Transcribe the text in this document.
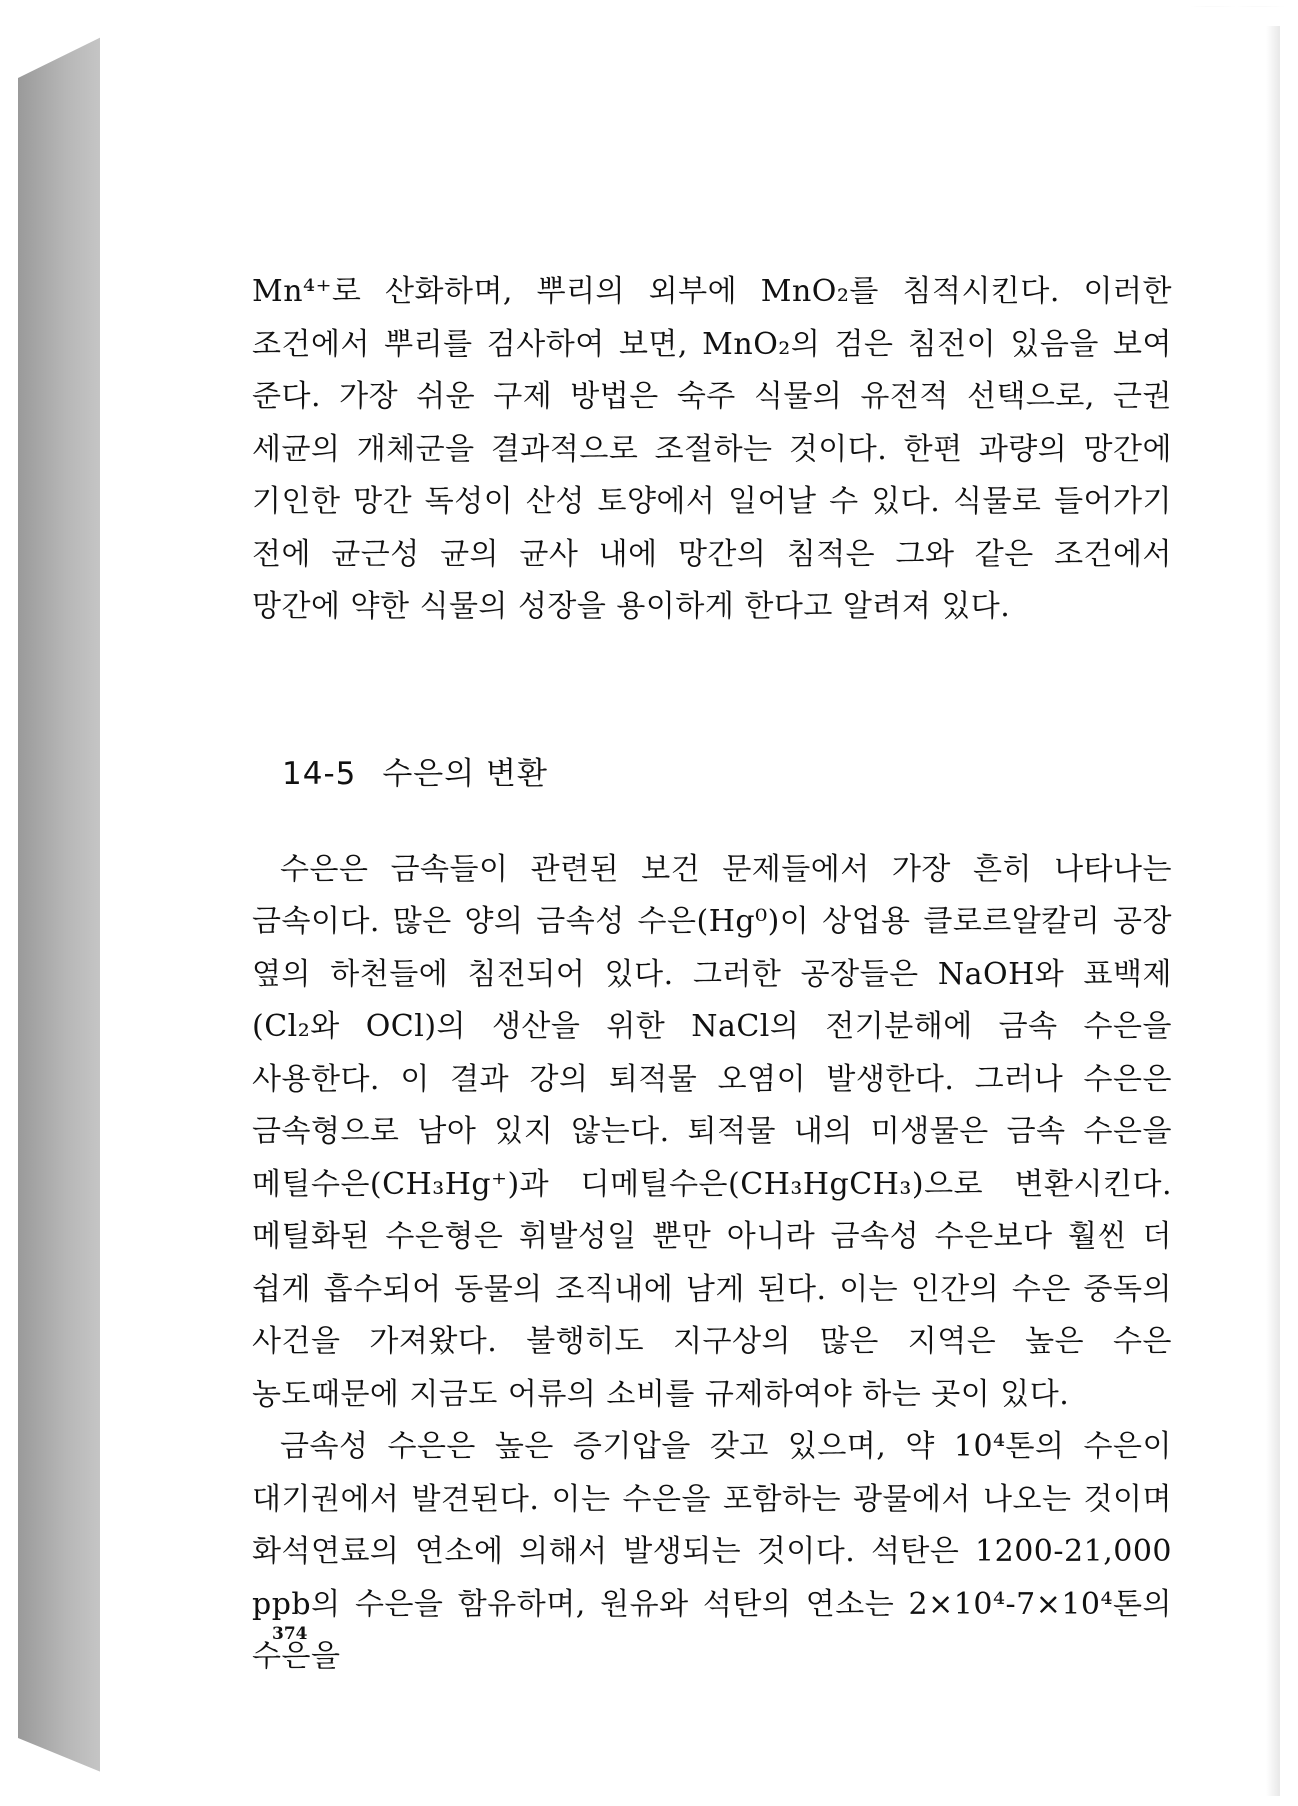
Mn⁴⁺로 산화하며, 뿌리의 외부에 MnO₂를 침적시킨다. 이러한 조건에서 뿌리를 검사하여 보면, MnO₂의 검은 침전이 있음을 보여 준다. 가장 쉬운 구제 방법은 숙주 식물의 유전적 선택으로, 근권 세균의 개체군을 결과적으로 조절하는 것이다. 한편 과량의 망간에 기인한 망간 독성이 산성 토양에서 일어날 수 있다. 식물로 들어가기 전에 균근성 균의 균사 내에 망간의 침적은 그와 같은 조건에서 망간에 약한 식물의 성장을 용이하게 한다고 알려져 있다.

14-5 수은의 변환

수은은 금속들이 관련된 보건 문제들에서 가장 흔히 나타나는 금속이다. 많은 양의 금속성 수은(Hg⁰)이 상업용 클로르알칼리 공장 옆의 하천들에 침전되어 있다. 그러한 공장들은 NaOH와 표백제(Cl₂와 OCl)의 생산을 위한 NaCl의 전기분해에 금속 수은을 사용한다. 이 결과 강의 퇴적물 오염이 발생한다. 그러나 수은은 금속형으로 남아 있지 않는다. 퇴적물 내의 미생물은 금속 수은을 메틸수은(CH₃Hg⁺)과 디메틸수은(CH₃HgCH₃)으로 변환시킨다. 메틸화된 수은형은 휘발성일 뿐만 아니라 금속성 수은보다 훨씬 더 쉽게 흡수되어 동물의 조직내에 남게 된다. 이는 인간의 수은 중독의 사건을 가져왔다. 불행히도 지구상의 많은 지역은 높은 수은 농도때문에 지금도 어류의 소비를 규제하여야 하는 곳이 있다.

금속성 수은은 높은 증기압을 갖고 있으며, 약 10⁴톤의 수은이 대기권에서 발견된다. 이는 수은을 포함하는 광물에서 나오는 것이며 화석연료의 연소에 의해서 발생되는 것이다. 석탄은 1200-21,000 ppb의 수은을 함유하며, 원유와 석탄의 연소는 2×10⁴-7×10⁴톤의 수은을

374
